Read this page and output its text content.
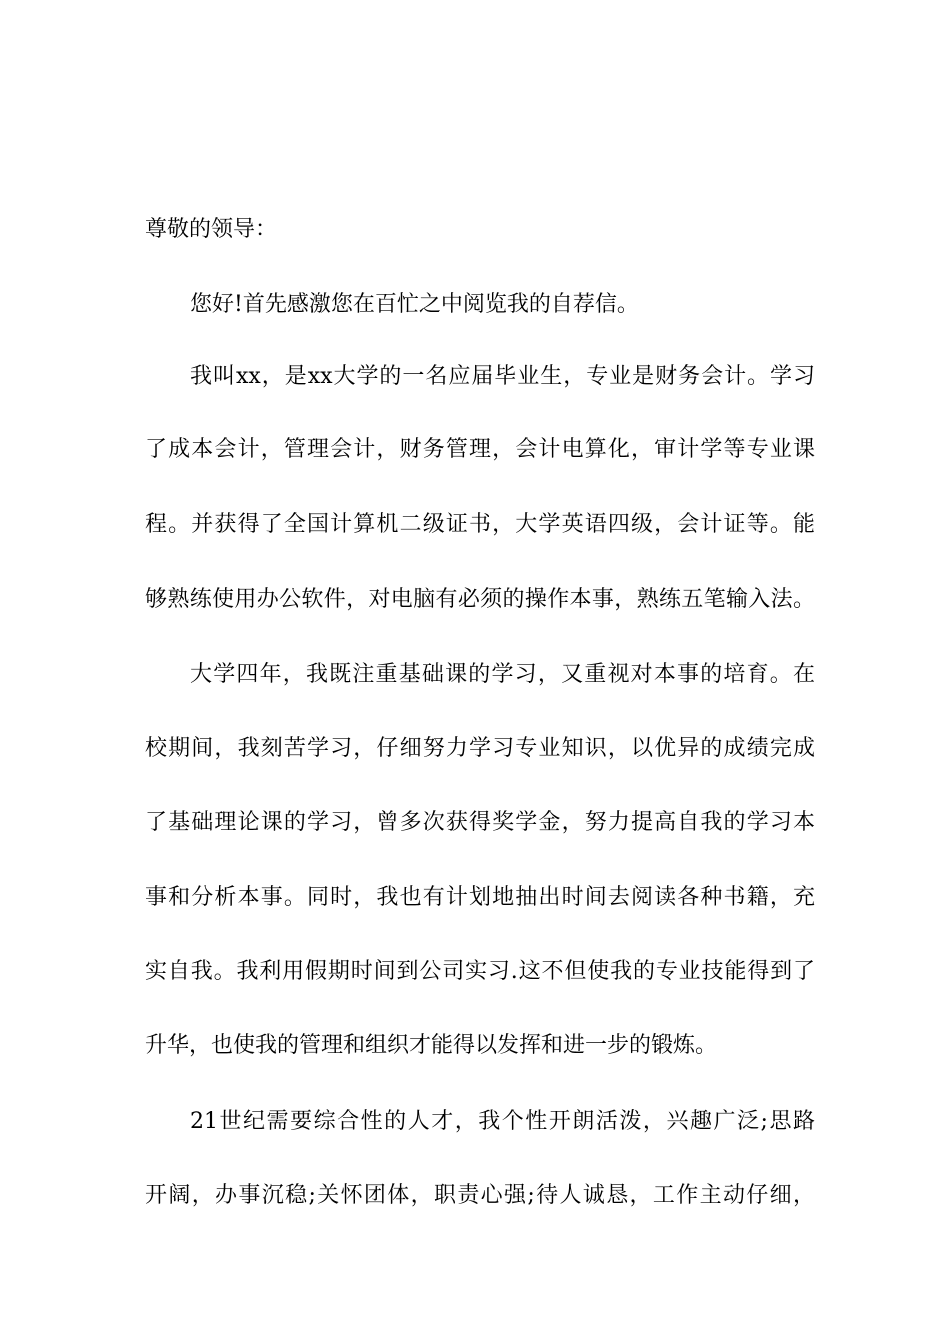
尊敬的领导：
您好!首先感激您在百忙之中阅览我的自荐信。
我叫xx，是xx大学的一名应届毕业生，专业是财务会计。学习
了成本会计，管理会计，财务管理，会计电算化，审计学等专业课
程。并获得了全国计算机二级证书，大学英语四级，会计证等。能
够熟练使用办公软件，对电脑有必须的操作本事，熟练五笔输入法。
大学四年，我既注重基础课的学习，又重视对本事的培育。在
校期间，我刻苦学习，仔细努力学习专业知识，以优异的成绩完成
了基础理论课的学习，曾多次获得奖学金，努力提高自我的学习本
事和分析本事。同时，我也有计划地抽出时间去阅读各种书籍，充
实自我。我利用假期时间到公司实习.这不但使我的专业技能得到了
升华，也使我的管理和组织才能得以发挥和进一步的锻炼。
21世纪需要综合性的人才，我个性开朗活泼，兴趣广泛;思路
开阔，办事沉稳;关怀团体，职责心强;待人诚恳，工作主动仔细，
